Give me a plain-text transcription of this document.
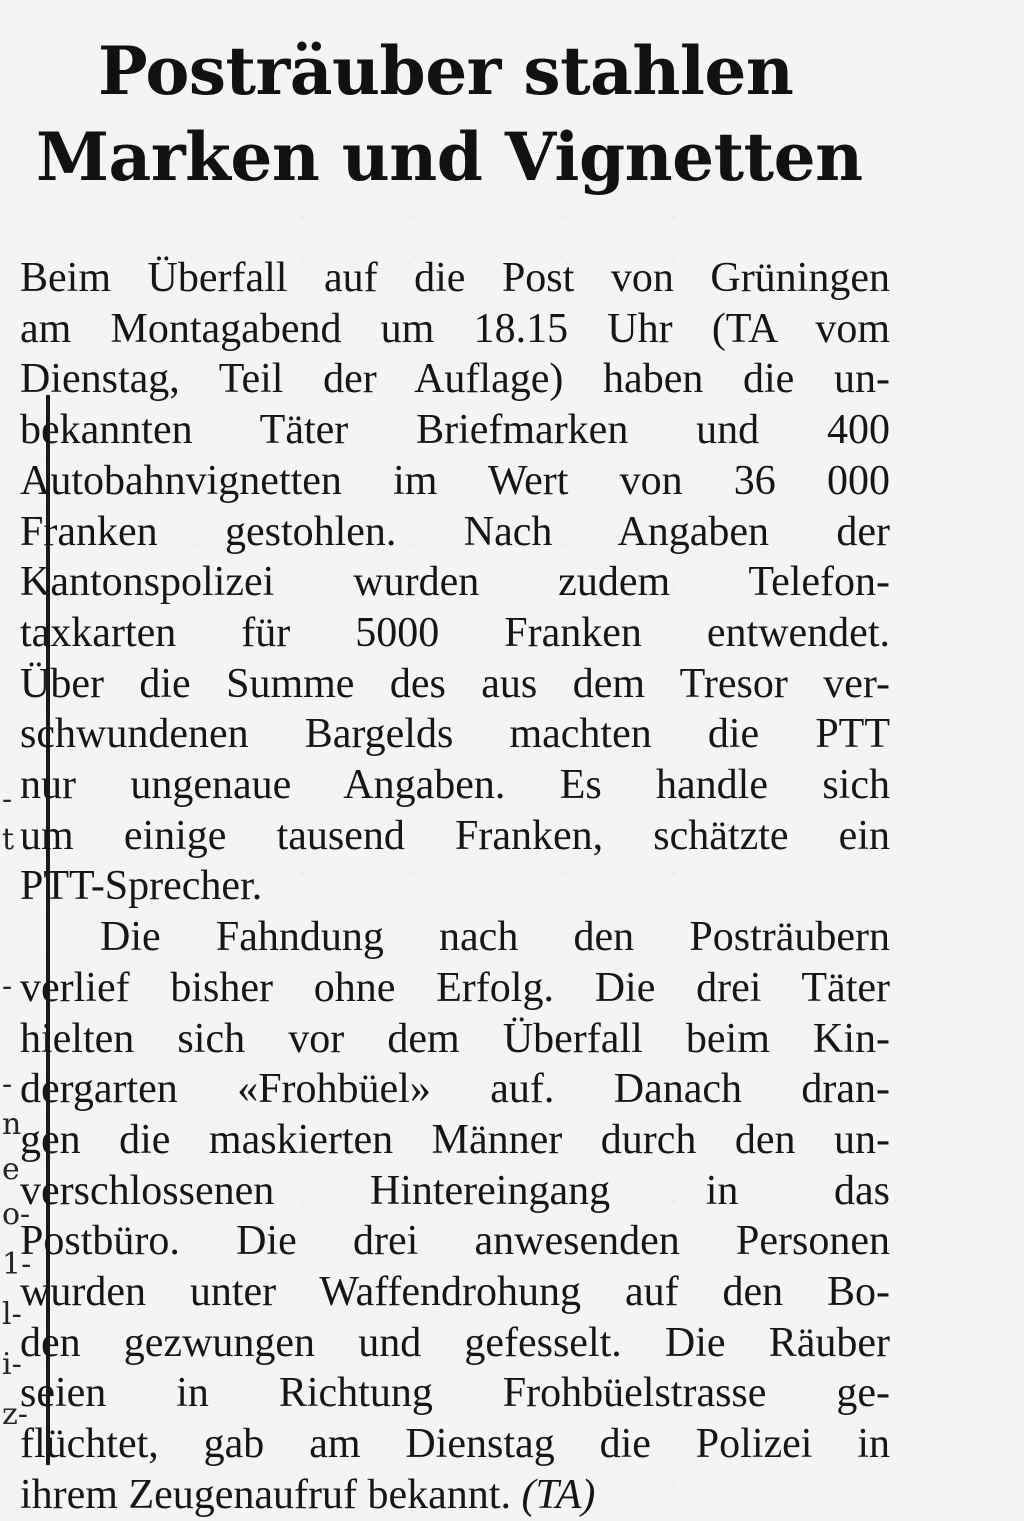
-
t
-
-
n
e
o-
1-
l-
i-
z-
Posträuber stahlen
Marken und Vignetten
Beim Überfall auf die Post von Grüningen
am Montagabend um 18.15 Uhr (TA vom
Dienstag, Teil der Auflage) haben die un-
bekannten Täter Briefmarken und 400
Autobahnvignetten im Wert von 36 000
Franken gestohlen. Nach Angaben der
Kantonspolizei wurden zudem Telefon-
taxkarten für 5000 Franken entwendet.
Über die Summe des aus dem Tresor ver-
schwundenen Bargelds machten die PTT
nur ungenaue Angaben. Es handle sich
um einige tausend Franken, schätzte ein
PTT-Sprecher.
Die Fahndung nach den Posträubern
verlief bisher ohne Erfolg. Die drei Täter
hielten sich vor dem Überfall beim Kin-
dergarten «Frohbüel» auf. Danach dran-
gen die maskierten Männer durch den un-
verschlossenen Hintereingang in das
Postbüro. Die drei anwesenden Personen
wurden unter Waffendrohung auf den Bo-
den gezwungen und gefesselt. Die Räuber
seien in Richtung Frohbüelstrasse ge-
flüchtet, gab am Dienstag die Polizei in
ihrem Zeugenaufruf bekannt. (TA)
